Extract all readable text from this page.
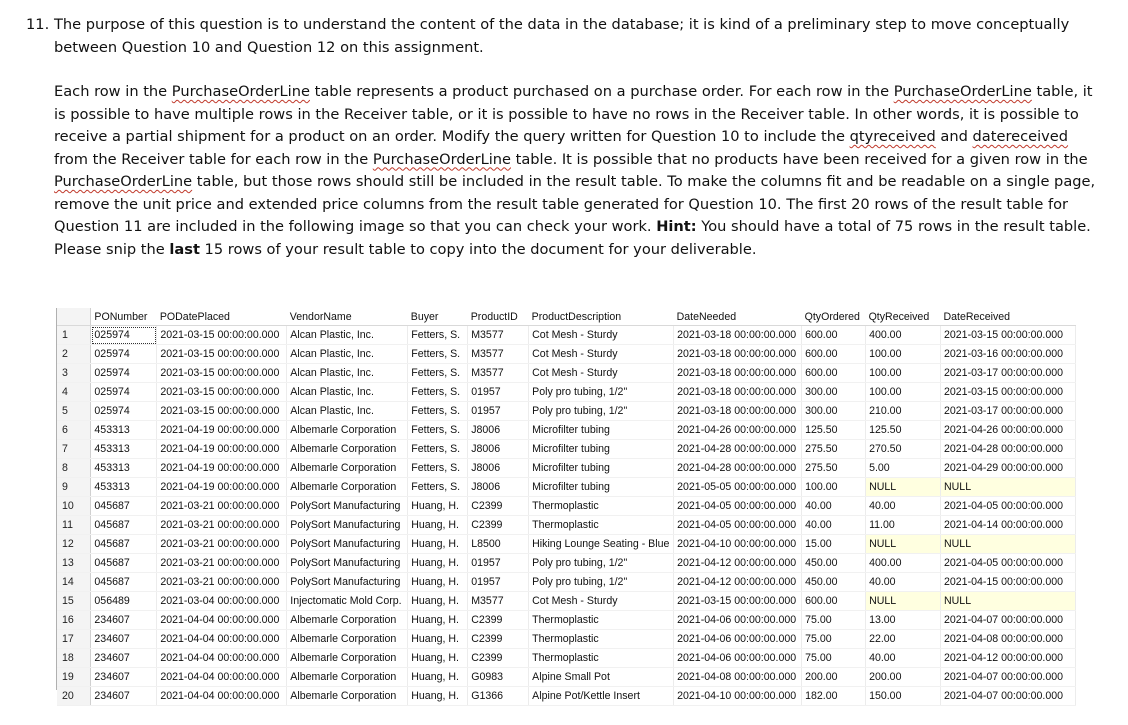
11. The purpose of this question is to understand the content of the data in the database; it is kind of a preliminary step to move conceptually between Question 10 and Question 12 on this assignment.

Each row in the PurchaseOrderLine table represents a product purchased on a purchase order. For each row in the PurchaseOrderLine table, it is possible to have multiple rows in the Receiver table, or it is possible to have no rows in the Receiver table. In other words, it is possible to receive a partial shipment for a product on an order. Modify the query written for Question 10 to include the qtyreceived and datereceived from the Receiver table for each row in the PurchaseOrderLine table. It is possible that no products have been received for a given row in the PurchaseOrderLine table, but those rows should still be included in the result table. To make the columns fit and be readable on a single page, remove the unit price and extended price columns from the result table generated for Question 10. The first 20 rows of the result table for Question 11 are included in the following image so that you can check your work. Hint: You should have a total of 75 rows in the result table. Please snip the last 15 rows of your result table to copy into the document for your deliverable.

	PONumber	PODatePlaced	VendorName	Buyer	ProductID	ProductDescription	DateNeeded	QtyOrdered	QtyReceived	DateReceived
1	025974	2021-03-15 00:00:00.000	Alcan Plastic, Inc.	Fetters, S.	M3577	Cot Mesh - Sturdy	2021-03-18 00:00:00.000	600.00	400.00	2021-03-15 00:00:00.000
2	025974	2021-03-15 00:00:00.000	Alcan Plastic, Inc.	Fetters, S.	M3577	Cot Mesh - Sturdy	2021-03-18 00:00:00.000	600.00	100.00	2021-03-16 00:00:00.000
3	025974	2021-03-15 00:00:00.000	Alcan Plastic, Inc.	Fetters, S.	M3577	Cot Mesh - Sturdy	2021-03-18 00:00:00.000	600.00	100.00	2021-03-17 00:00:00.000
4	025974	2021-03-15 00:00:00.000	Alcan Plastic, Inc.	Fetters, S.	01957	Poly pro tubing, 1/2"	2021-03-18 00:00:00.000	300.00	100.00	2021-03-15 00:00:00.000
5	025974	2021-03-15 00:00:00.000	Alcan Plastic, Inc.	Fetters, S.	01957	Poly pro tubing, 1/2"	2021-03-18 00:00:00.000	300.00	210.00	2021-03-17 00:00:00.000
6	453313	2021-04-19 00:00:00.000	Albemarle Corporation	Fetters, S.	J8006	Microfilter tubing	2021-04-26 00:00:00.000	125.50	125.50	2021-04-26 00:00:00.000
7	453313	2021-04-19 00:00:00.000	Albemarle Corporation	Fetters, S.	J8006	Microfilter tubing	2021-04-28 00:00:00.000	275.50	270.50	2021-04-28 00:00:00.000
8	453313	2021-04-19 00:00:00.000	Albemarle Corporation	Fetters, S.	J8006	Microfilter tubing	2021-04-28 00:00:00.000	275.50	5.00	2021-04-29 00:00:00.000
9	453313	2021-04-19 00:00:00.000	Albemarle Corporation	Fetters, S.	J8006	Microfilter tubing	2021-05-05 00:00:00.000	100.00	NULL	NULL
10	045687	2021-03-21 00:00:00.000	PolySort Manufacturing	Huang, H.	C2399	Thermoplastic	2021-04-05 00:00:00.000	40.00	40.00	2021-04-05 00:00:00.000
11	045687	2021-03-21 00:00:00.000	PolySort Manufacturing	Huang, H.	C2399	Thermoplastic	2021-04-05 00:00:00.000	40.00	11.00	2021-04-14 00:00:00.000
12	045687	2021-03-21 00:00:00.000	PolySort Manufacturing	Huang, H.	L8500	Hiking Lounge Seating - Blue	2021-04-10 00:00:00.000	15.00	NULL	NULL
13	045687	2021-03-21 00:00:00.000	PolySort Manufacturing	Huang, H.	01957	Poly pro tubing, 1/2"	2021-04-12 00:00:00.000	450.00	400.00	2021-04-05 00:00:00.000
14	045687	2021-03-21 00:00:00.000	PolySort Manufacturing	Huang, H.	01957	Poly pro tubing, 1/2"	2021-04-12 00:00:00.000	450.00	40.00	2021-04-15 00:00:00.000
15	056489	2021-03-04 00:00:00.000	Injectomatic Mold Corp.	Huang, H.	M3577	Cot Mesh - Sturdy	2021-03-15 00:00:00.000	600.00	NULL	NULL
16	234607	2021-04-04 00:00:00.000	Albemarle Corporation	Huang, H.	C2399	Thermoplastic	2021-04-06 00:00:00.000	75.00	13.00	2021-04-07 00:00:00.000
17	234607	2021-04-04 00:00:00.000	Albemarle Corporation	Huang, H.	C2399	Thermoplastic	2021-04-06 00:00:00.000	75.00	22.00	2021-04-08 00:00:00.000
18	234607	2021-04-04 00:00:00.000	Albemarle Corporation	Huang, H.	C2399	Thermoplastic	2021-04-06 00:00:00.000	75.00	40.00	2021-04-12 00:00:00.000
19	234607	2021-04-04 00:00:00.000	Albemarle Corporation	Huang, H.	G0983	Alpine Small Pot	2021-04-08 00:00:00.000	200.00	200.00	2021-04-07 00:00:00.000
20	234607	2021-04-04 00:00:00.000	Albemarle Corporation	Huang, H.	G1366	Alpine Pot/Kettle Insert	2021-04-10 00:00:00.000	182.00	150.00	2021-04-07 00:00:00.000
